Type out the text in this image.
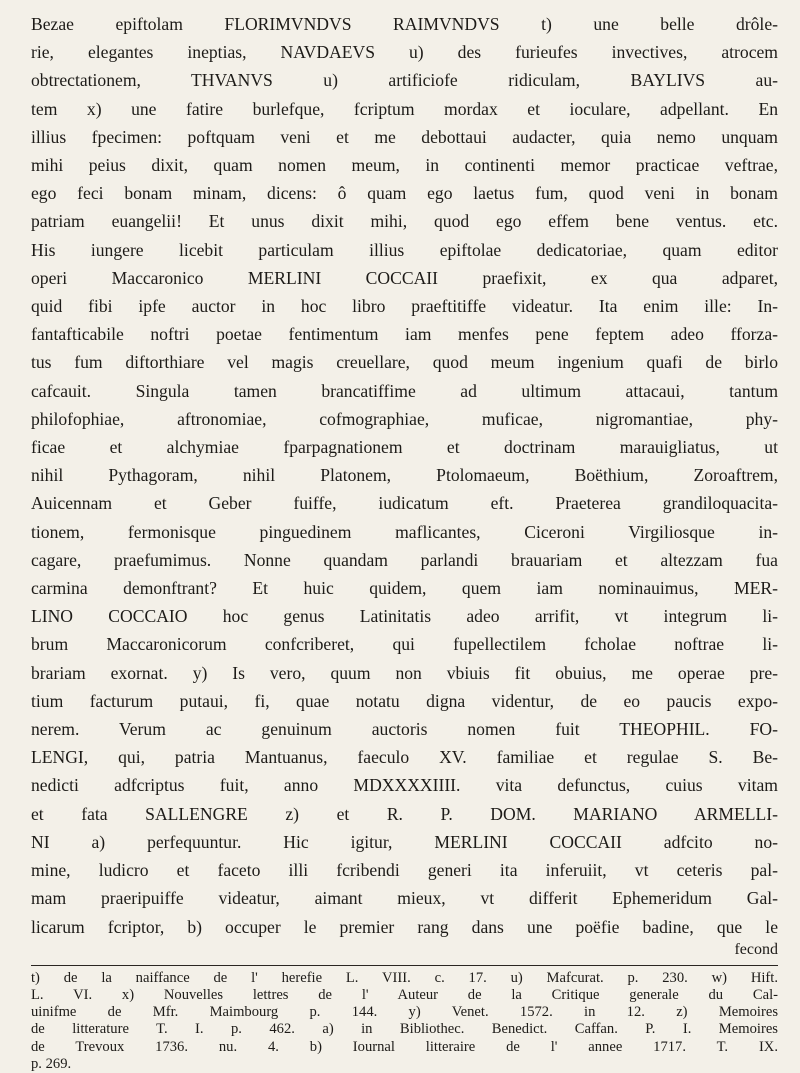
Bezae epiftolam FLORIMVNDVS RAIMVNDVS t) une belle drôle-
rie, elegantes ineptias, NAVDAEVS u) des furieufes invectives, atrocem
obtrectationem, THVANVS u) artificiofe ridiculam, BAYLIVS au-
tem x) une fatire burlefque, fcriptum mordax et ioculare, adpellant. En
illius fpecimen: poftquam veni et me debottaui audacter, quia nemo unquam
mihi peius dixit, quam nomen meum, in continenti memor practicae veftrae,
ego feci bonam minam, dicens: ô quam ego laetus fum, quod veni in bonam
patriam euangelii! Et unus dixit mihi, quod ego effem bene ventus. etc.
His iungere licebit particulam illius epiftolae dedicatoriae, quam editor
operi Maccaronico MERLINI COCCAII praefixit, ex qua adparet,
quid fibi ipfe auctor in hoc libro praeftitiffe videatur. Ita enim ille: In-
fantafticabile noftri poetae fentimentum iam menfes pene feptem adeo fforza-
tus fum diftorthiare vel magis creuellare, quod meum ingenium quafi de birlo
cafcauit. Singula tamen brancatiffime ad ultimum attacaui, tantum
philofophiae, aftronomiae, cofmographiae, muficae, nigromantiae, phy-
ficae et alchymiae fparpagnationem et doctrinam marauigliatus, ut
nihil Pythagoram, nihil Platonem, Ptolomaeum, Boëthium, Zoroaftrem,
Auicennam et Geber fuiffe, iudicatum eft. Praeterea grandiloquacita-
tionem, fermonisque pinguedinem maflicantes, Ciceroni Virgiliosque in-
cagare, praefumimus. Nonne quandam parlandi brauariam et altezzam fua
carmina demonftrant? Et huic quidem, quem iam nominauimus, MER-
LINO COCCAIO hoc genus Latinitatis adeo arrifit, vt integrum li-
brum Maccaronicorum confcriberet, qui fupellectilem fcholae noftrae li-
brariam exornat. y) Is vero, quum non vbiuis fit obuius, me operae pre-
tium facturum putaui, fi, quae notatu digna videntur, de eo paucis expo-
nerem. Verum ac genuinum auctoris nomen fuit THEOPHIL. FO-
LENGI, qui, patria Mantuanus, faeculo XV. familiae et regulae S. Be-
nedicti adfcriptus fuit, anno MDXXXXIIII. vita defunctus, cuius vitam
et fata SALLENGRE z) et R. P. DOM. MARIANO ARMELLI-
NI a) perfequuntur. Hic igitur, MERLINI COCCAII adfcito no-
mine, ludicro et faceto illi fcribendi generi ita inferuiit, vt ceteris pal-
mam praeripuiffe videatur, aimant mieux, vt differit Ephemeridum Gal-
licarum fcriptor, b) occuper le premier rang dans une poëfie badine, que le
fecond
t) de la naiffance de l' herefie L. VIII. c. 17. u) Mafcurat. p. 230. w) Hift.
L. VI. x) Nouvelles lettres de l' Auteur de la Critique generale du Cal-
uinifme de Mfr. Maimbourg p. 144. y) Venet. 1572. in 12. z) Memoires
de litterature T. I. p. 462. a) in Bibliothec. Benedict. Caffan. P. I. Memoires
de Trevoux 1736. nu. 4. b) Iournal litteraire de l' annee 1717. T. IX.
p. 269.
